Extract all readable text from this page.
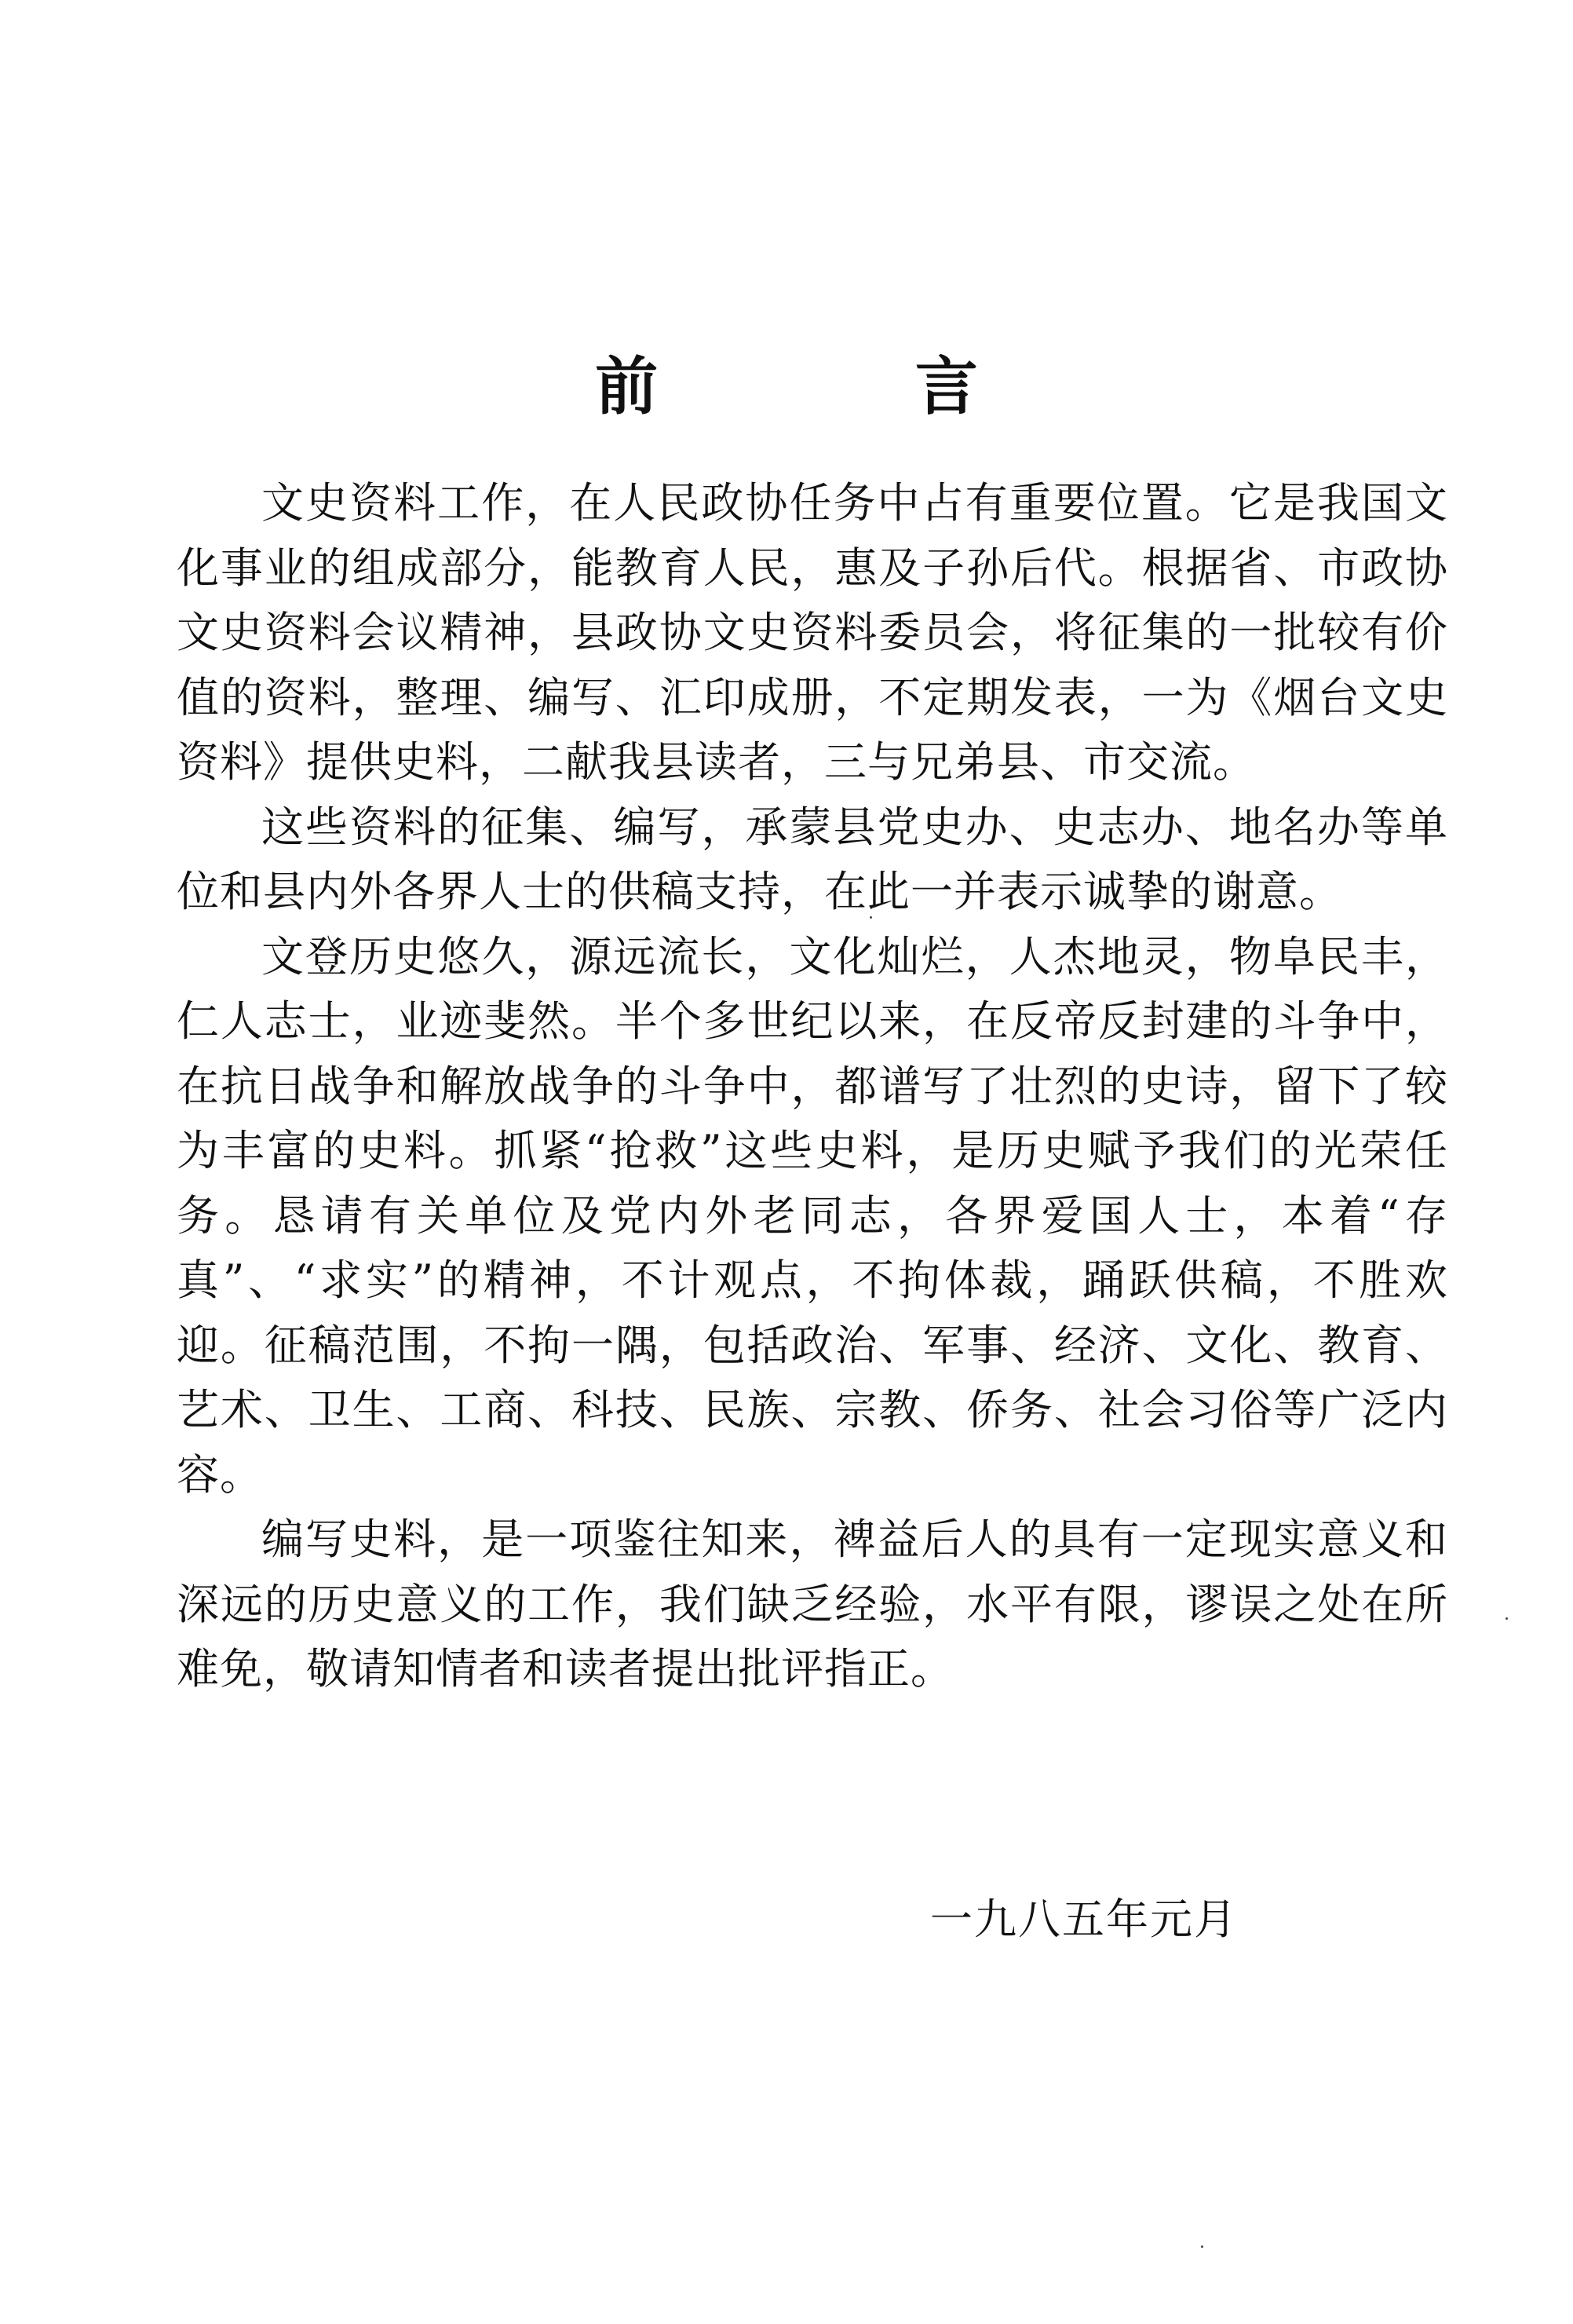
前 言

文史资料工作，在人民政协任务中占有重要位置。它是我国文化事业的组成部分，能教育人民，惠及子孙后代。根据省、市政协文史资料会议精神，县政协文史资料委员会，将征集的一批较有价值的资料，整理、编写、汇印成册，不定期发表，一为《烟台文史资料》提供史料，二献我县读者，三与兄弟县、市交流。

这些资料的征集、编写，承蒙县党史办、史志办、地名办等单位和县内外各界人士的供稿支持，在此一并表示诚挚的谢意。

文登历史悠久，源远流长，文化灿烂，人杰地灵，物阜民丰，仁人志士，业迹斐然。半个多世纪以来，在反帝反封建的斗争中，在抗日战争和解放战争的斗争中，都谱写了壮烈的史诗，留下了较为丰富的史料。抓紧“抢救”这些史料，是历史赋予我们的光荣任务。恳请有关单位及党内外老同志，各界爱国人士，本着“存真”、“求实”的精神，不计观点，不拘体裁，踊跃供稿，不胜欢迎。征稿范围，不拘一隅，包括政治、军事、经济、文化、教育、艺术、卫生、工商、科技、民族、宗教、侨务、社会习俗等广泛内容。

编写史料，是一项鉴往知来，裨益后人的具有一定现实意义和深远的历史意义的工作，我们缺乏经验，水平有限，谬误之处在所难免，敬请知情者和读者提出批评指正。

一九八五年元月
